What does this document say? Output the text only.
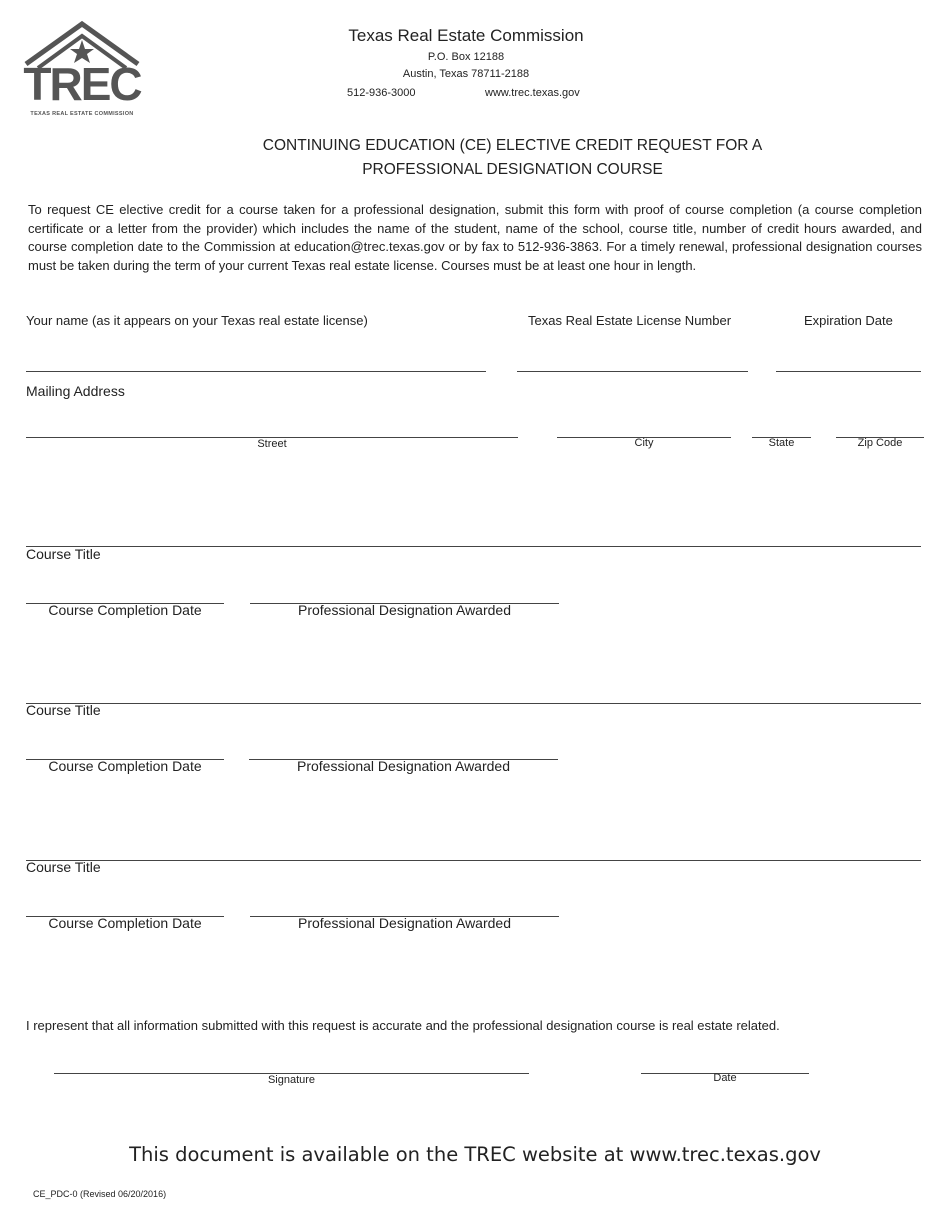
TREC
TEXAS REAL ESTATE COMMISSION
Texas Real Estate Commission
P.O. Box 12188
Austin, Texas 78711-2188
512-936-3000	www.trec.texas.gov
CONTINUING EDUCATION (CE) ELECTIVE CREDIT REQUEST FOR A
PROFESSIONAL DESIGNATION COURSE
To request CE elective credit for a course taken for a professional designation, submit this form with proof of course completion (a course completion certificate or a letter from the provider) which includes the name of the student, name of the school, course title, number of credit hours awarded, and course completion date to the Commission at education@trec.texas.gov or by fax to 512-936-3863. For a timely renewal, professional designation courses must be taken during the term of your current Texas real estate license. Courses must be at least one hour in length.
Your name (as it appears on your Texas real estate license)	Texas Real Estate License Number	Expiration Date
Mailing Address
Street	City	State	Zip Code
Course Title
Course Completion Date	Professional Designation Awarded
Course Title
Course Completion Date	Professional Designation Awarded
Course Title
Course Completion Date	Professional Designation Awarded
I represent that all information submitted with this request is accurate and the professional designation course is real estate related.
Signature	Date
This document is available on the TREC website at www.trec.texas.gov
CE_PDC-0 (Revised 06/20/2016)
